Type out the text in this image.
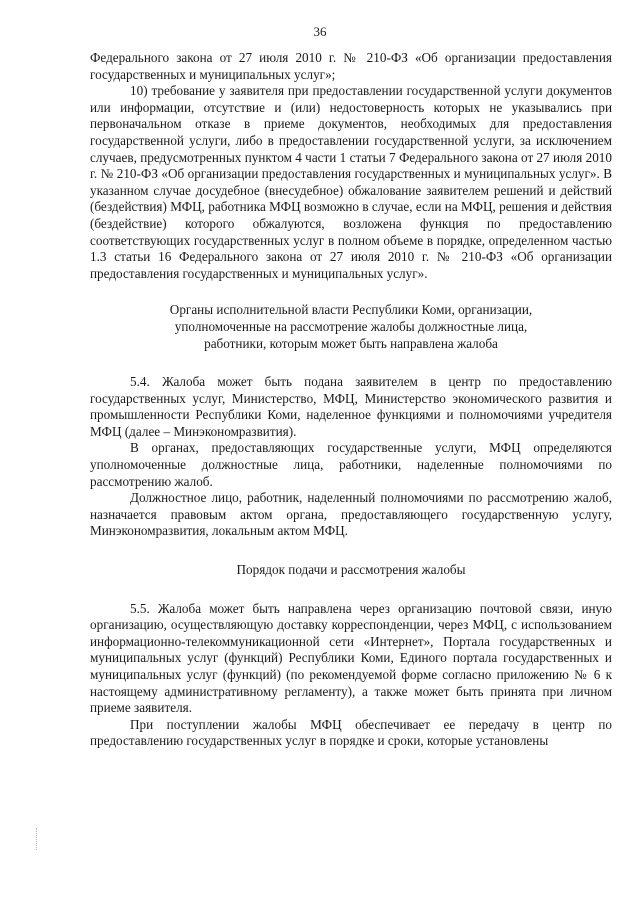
36

Федерального закона от 27 июля 2010 г. № 210-ФЗ «Об организации предоставления государственных и муниципальных услуг»;

10) требование у заявителя при предоставлении государственной услуги документов или информации, отсутствие и (или) недостоверность которых не указывались при первоначальном отказе в приеме документов, необходимых для предоставления государственной услуги, либо в предоставлении государственной услуги, за исключением случаев, предусмотренных пунктом 4 части 1 статьи 7 Федерального закона от 27 июля 2010 г. № 210-ФЗ «Об организации предоставления государственных и муниципальных услуг». В указанном случае досудебное (внесудебное) обжалование заявителем решений и действий (бездействия) МФЦ, работника МФЦ возможно в случае, если на МФЦ, решения и действия (бездействие) которого обжалуются, возложена функция по предоставлению соответствующих государственных услуг в полном объеме в порядке, определенном частью 1.3 статьи 16 Федерального закона от 27 июля 2010 г. № 210-ФЗ «Об организации предоставления государственных и муниципальных услуг».

Органы исполнительной власти Республики Коми, организации,
уполномоченные на рассмотрение жалобы должностные лица,
работники, которым может быть направлена жалоба

5.4. Жалоба может быть подана заявителем в центр по предоставлению государственных услуг, Министерство, МФЦ, Министерство экономического развития и промышленности Республики Коми, наделенное функциями и полномочиями учредителя МФЦ (далее – Минэкономразвития).

В органах, предоставляющих государственные услуги, МФЦ определяются уполномоченные должностные лица, работники, наделенные полномочиями по рассмотрению жалоб.

Должностное лицо, работник, наделенный полномочиями по рассмотрению жалоб, назначается правовым актом органа, предоставляющего государственную услугу, Минэкономразвития, локальным актом МФЦ.

Порядок подачи и рассмотрения жалобы

5.5. Жалоба может быть направлена через организацию почтовой связи, иную организацию, осуществляющую доставку корреспонденции, через МФЦ, с использованием информационно-телекоммуникационной сети «Интернет», Портала государственных и муниципальных услуг (функций) Республики Коми, Единого портала государственных и муниципальных услуг (функций) (по рекомендуемой форме согласно приложению № 6 к настоящему административному регламенту), а также может быть принята при личном приеме заявителя.

При поступлении жалобы МФЦ обеспечивает ее передачу в центр по предоставлению государственных услуг в порядке и сроки, которые установлены
